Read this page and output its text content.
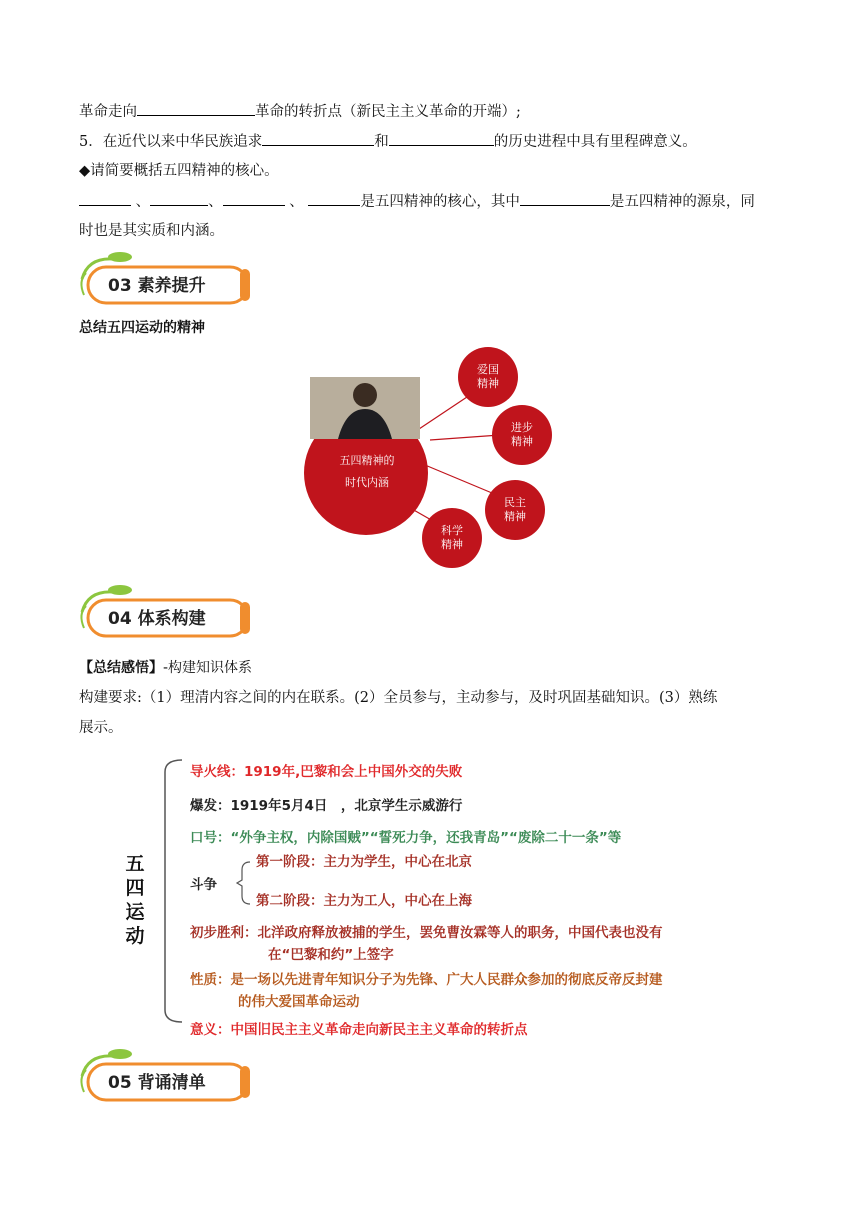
革命走向	革命的转折点（新民主主义革命的开端）;
5．在近代以来中华民族追求	和	的历史进程中具有里程碑意义。
◆请简要概括五四精神的核心。
、	、	、	是五四精神的核心，其中	是五四精神的源泉，同
时也是其实质和内涵。
03 素养提升
总结五四运动的精神
五四精神的
时代内涵
爱国
精神
进步
精神
民主
精神
科学
精神
04 体系构建
【总结感悟】-构建知识体系
构建要求:（1）理清内容之间的内在联系。(2）全员参与，主动参与，及时巩固基础知识。(3）熟练
展示。
五
四
运
动
导火线：1919年,巴黎和会上中国外交的失败
爆发：1919年5月4日　，北京学生示威游行
口号：“外争主权，内除国贼”“誓死力争，还我青岛”“废除二十一条”等
斗争
第一阶段：主力为学生，中心在北京
第二阶段：主力为工人，中心在上海
初步胜利：北洋政府释放被捕的学生，罢免曹汝霖等人的职务，中国代表也没有
在“巴黎和约”上签字
性质：是一场以先进青年知识分子为先锋、广大人民群众参加的彻底反帝反封建
的伟大爱国革命运动
意义：中国旧民主主义革命走向新民主主义革命的转折点
05 背诵清单
